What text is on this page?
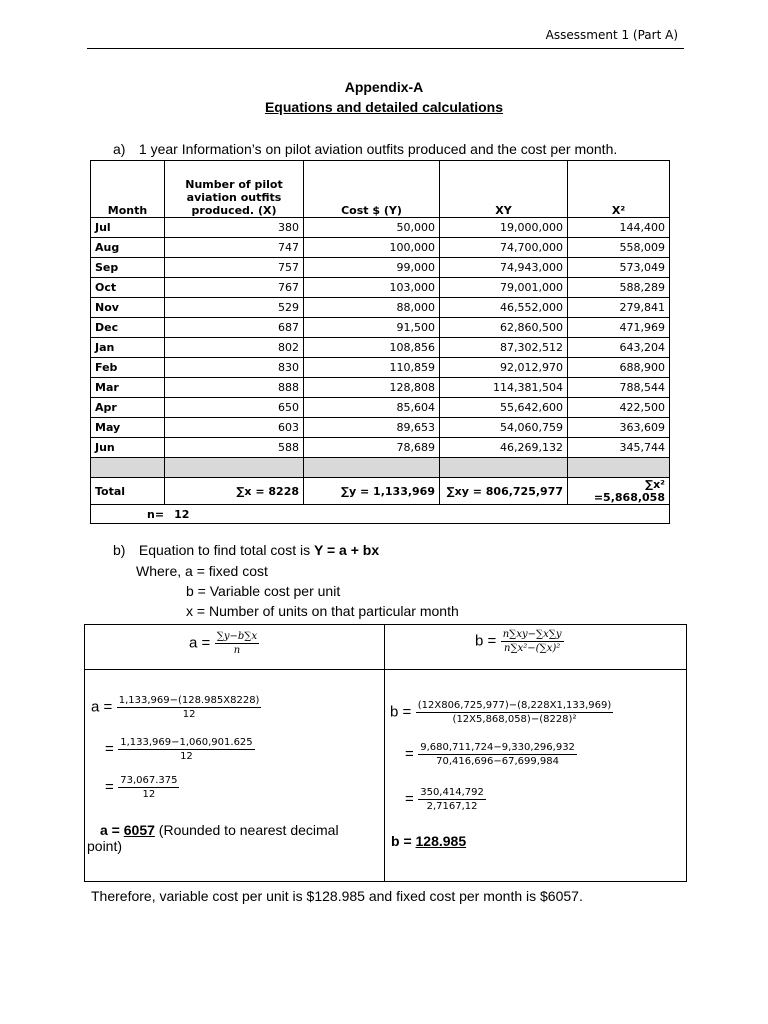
Assessment 1 (Part A)
Appendix-A
Equations and detailed calculations
a) 1 year Information’s on pilot aviation outfits produced and the cost per month.
Month	Number of pilot aviation outfits produced. (X)	Cost $ (Y)	XY	X²
Jul	380	50,000	19,000,000	144,400
Aug	747	100,000	74,700,000	558,009
Sep	757	99,000	74,943,000	573,049
Oct	767	103,000	79,001,000	588,289
Nov	529	88,000	46,552,000	279,841
Dec	687	91,500	62,860,500	471,969
Jan	802	108,856	87,302,512	643,204
Feb	830	110,859	92,012,970	688,900
Mar	888	128,808	114,381,504	788,544
Apr	650	85,604	55,642,600	422,500
May	603	89,653	54,060,759	363,609
Jun	588	78,689	46,269,132	345,744

Total	∑x = 8228	∑y = 1,133,969	∑xy = 806,725,977	∑x² =5,868,058
n= 12				
b) Equation to find total cost is Y = a + bx
Where, a = fixed cost
b = Variable cost per unit
x = Number of units on that particular month
$a = \frac{\sum y-b\sum x}{n}$	$b = \frac{n\sum xy-\sum x\sum y}{\text{n∑x²−(∑x)²}}$
$a = \frac{1,133,969-(128.985X8228)}{12}$
= $\frac{1,133,969-1,060,901.625}{12}$
= $\frac{73,067.375}{12}$
a = 6057 (Rounded to nearest decimal
point)
$b = \frac{(12X806,725,977)-(8,228X1,133,969)}{\text{(12X5,868,058)−(8228)²}}$
= $\frac{9,680,711,724-9,330,296,932}{70,416,696-67,699,984}$
= $\frac{350,414,792}{2,7167,12}$
b = 128.985
Therefore, variable cost per unit is $128.985 and fixed cost per month is $6057.
